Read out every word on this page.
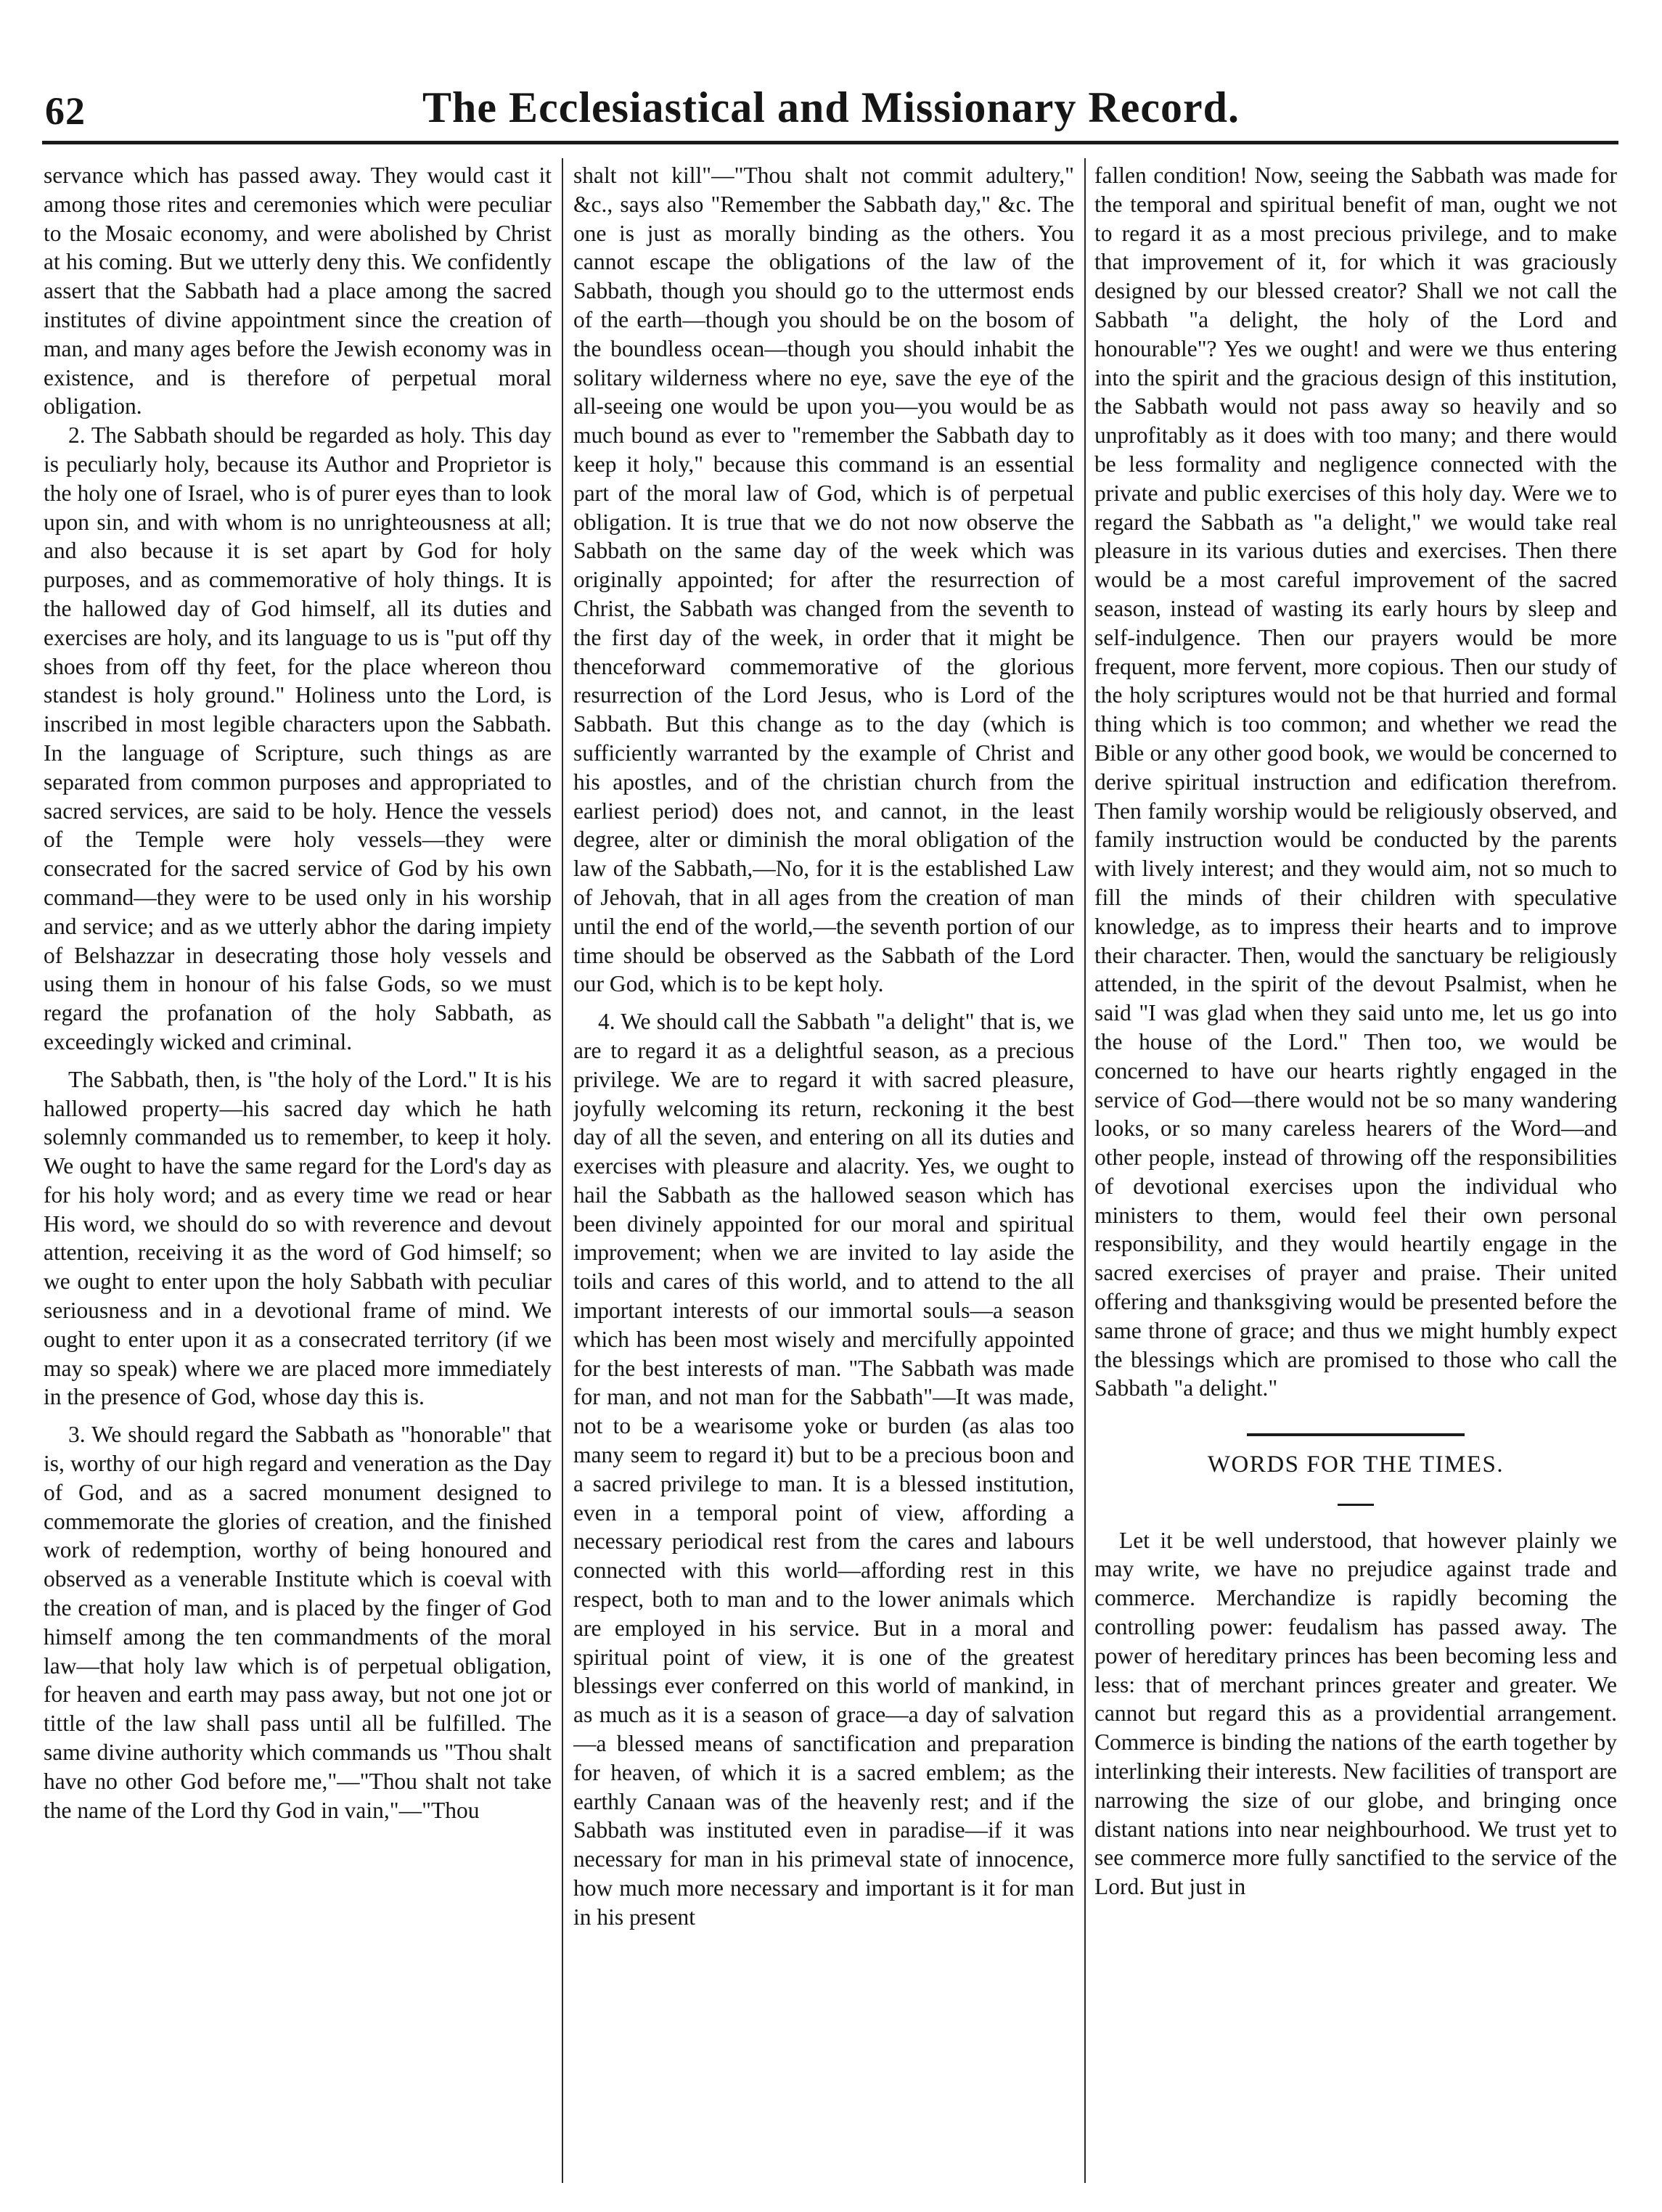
62	The Ecclesiastical and Missionary Record.

servance which has passed away. They would cast it among those rites and ceremonies which were peculiar to the Mosaic economy, and were abolished by Christ at his coming. But we utterly deny this. We confidently assert that the Sabbath had a place among the sacred institutes of divine appointment since the creation of man, and many ages before the Jewish economy was in existence, and is therefore of perpetual moral obligation.

2. The Sabbath should be regarded as holy. This day is peculiarly holy, because its Author and Proprietor is the holy one of Israel, who is of purer eyes than to look upon sin, and with whom is no unrighteousness at all; and also because it is set apart by God for holy purposes, and as commemorative of holy things. It is the hallowed day of God himself, all its duties and exercises are holy, and its language to us is "put off thy shoes from off thy feet, for the place whereon thou standest is holy ground." Holiness unto the Lord, is inscribed in most legible characters upon the Sabbath. In the language of Scripture, such things as are separated from common purposes and appropriated to sacred services, are said to be holy. Hence the vessels of the Temple were holy vessels—they were consecrated for the sacred service of God by his own command—they were to be used only in his worship and service; and as we utterly abhor the daring impiety of Belshazzar in desecrating those holy vessels and using them in honour of his false Gods, so we must regard the profanation of the holy Sabbath, as exceedingly wicked and criminal.

The Sabbath, then, is "the holy of the Lord." It is his hallowed property—his sacred day which he hath solemnly commanded us to remember, to keep it holy. We ought to have the same regard for the Lord's day as for his holy word; and as every time we read or hear His word, we should do so with reverence and devout attention, receiving it as the word of God himself; so we ought to enter upon the holy Sabbath with peculiar seriousness and in a devotional frame of mind. We ought to enter upon it as a consecrated territory (if we may so speak) where we are placed more immediately in the presence of God, whose day this is.

3. We should regard the Sabbath as "honorable" that is, worthy of our high regard and veneration as the Day of God, and as a sacred monument designed to commemorate the glories of creation, and the finished work of redemption, worthy of being honoured and observed as a venerable Institute which is coeval with the creation of man, and is placed by the finger of God himself among the ten commandments of the moral law—that holy law which is of perpetual obligation, for heaven and earth may pass away, but not one jot or tittle of the law shall pass until all be fulfilled. The same divine authority which commands us "Thou shalt have no other God before me,"—"Thou shalt not take the name of the Lord thy God in vain,"—"Thou

shalt not kill"—"Thou shalt not commit adultery," &c., says also "Remember the Sabbath day," &c. The one is just as morally binding as the others. You cannot escape the obligations of the law of the Sabbath, though you should go to the uttermost ends of the earth—though you should be on the bosom of the boundless ocean—though you should inhabit the solitary wilderness where no eye, save the eye of the all-seeing one would be upon you—you would be as much bound as ever to "remember the Sabbath day to keep it holy," because this command is an essential part of the moral law of God, which is of perpetual obligation. It is true that we do not now observe the Sabbath on the same day of the week which was originally appointed; for after the resurrection of Christ, the Sabbath was changed from the seventh to the first day of the week, in order that it might be thenceforward commemorative of the glorious resurrection of the Lord Jesus, who is Lord of the Sabbath. But this change as to the day (which is sufficiently warranted by the example of Christ and his apostles, and of the christian church from the earliest period) does not, and cannot, in the least degree, alter or diminish the moral obligation of the law of the Sabbath,—No, for it is the established Law of Jehovah, that in all ages from the creation of man until the end of the world,—the seventh portion of our time should be observed as the Sabbath of the Lord our God, which is to be kept holy.

4. We should call the Sabbath "a delight" that is, we are to regard it as a delightful season, as a precious privilege. We are to regard it with sacred pleasure, joyfully welcoming its return, reckoning it the best day of all the seven, and entering on all its duties and exercises with pleasure and alacrity. Yes, we ought to hail the Sabbath as the hallowed season which has been divinely appointed for our moral and spiritual improvement; when we are invited to lay aside the toils and cares of this world, and to attend to the all important interests of our immortal souls—a season which has been most wisely and mercifully appointed for the best interests of man. "The Sabbath was made for man, and not man for the Sabbath"—It was made, not to be a wearisome yoke or burden (as alas too many seem to regard it) but to be a precious boon and a sacred privilege to man. It is a blessed institution, even in a temporal point of view, affording a necessary periodical rest from the cares and labours connected with this world—affording rest in this respect, both to man and to the lower animals which are employed in his service. But in a moral and spiritual point of view, it is one of the greatest blessings ever conferred on this world of mankind, in as much as it is a season of grace—a day of salvation—a blessed means of sanctification and preparation for heaven, of which it is a sacred emblem; as the earthly Canaan was of the heavenly rest; and if the Sabbath was instituted even in paradise—if it was necessary for man in his primeval state of innocence, how much more necessary and important is it for man in his present

fallen condition! Now, seeing the Sabbath was made for the temporal and spiritual benefit of man, ought we not to regard it as a most precious privilege, and to make that improvement of it, for which it was graciously designed by our blessed creator? Shall we not call the Sabbath "a delight, the holy of the Lord and honourable"? Yes we ought! and were we thus entering into the spirit and the gracious design of this institution, the Sabbath would not pass away so heavily and so unprofitably as it does with too many; and there would be less formality and negligence connected with the private and public exercises of this holy day. Were we to regard the Sabbath as "a delight," we would take real pleasure in its various duties and exercises. Then there would be a most careful improvement of the sacred season, instead of wasting its early hours by sleep and self-indulgence. Then our prayers would be more frequent, more fervent, more copious. Then our study of the holy scriptures would not be that hurried and formal thing which is too common; and whether we read the Bible or any other good book, we would be concerned to derive spiritual instruction and edification therefrom. Then family worship would be religiously observed, and family instruction would be conducted by the parents with lively interest; and they would aim, not so much to fill the minds of their children with speculative knowledge, as to impress their hearts and to improve their character. Then, would the sanctuary be religiously attended, in the spirit of the devout Psalmist, when he said "I was glad when they said unto me, let us go into the house of the Lord." Then too, we would be concerned to have our hearts rightly engaged in the service of God—there would not be so many wandering looks, or so many careless hearers of the Word—and other people, instead of throwing off the responsibilities of devotional exercises upon the individual who ministers to them, would feel their own personal responsibility, and they would heartily engage in the sacred exercises of prayer and praise. Their united offering and thanksgiving would be presented before the same throne of grace; and thus we might humbly expect the blessings which are promised to those who call the Sabbath "a delight."

WORDS FOR THE TIMES.

Let it be well understood, that however plainly we may write, we have no prejudice against trade and commerce. Merchandize is rapidly becoming the controlling power: feudalism has passed away. The power of hereditary princes has been becoming less and less: that of merchant princes greater and greater. We cannot but regard this as a providential arrangement. Commerce is binding the nations of the earth together by interlinking their interests. New facilities of transport are narrowing the size of our globe, and bringing once distant nations into near neighbourhood. We trust yet to see commerce more fully sanctified to the service of the Lord. But just in
